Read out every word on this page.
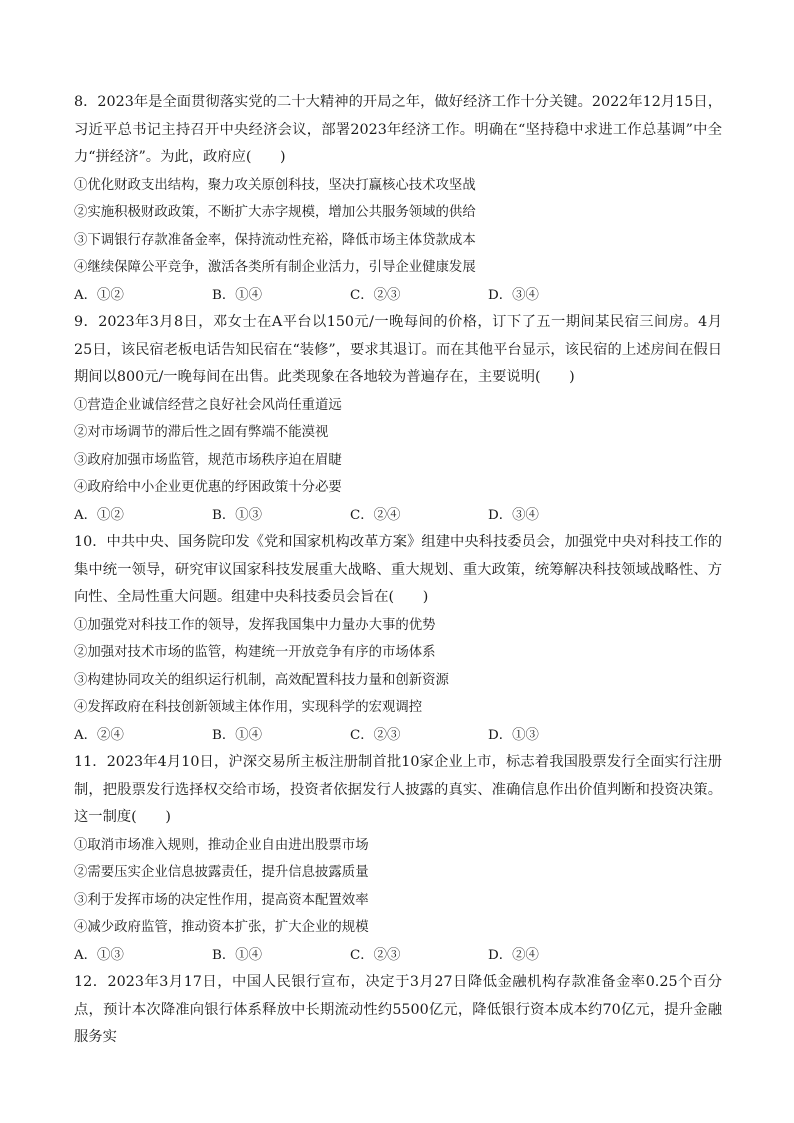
8．2023年是全面贯彻落实党的二十大精神的开局之年，做好经济工作十分关键。2022年12月15日，习近平总书记主持召开中央经济会议，部署2023年经济工作。明确在“坚持稳中求进工作总基调”中全力“拼经济”。为此，政府应(　　)

①优化财政支出结构，聚力攻关原创科技，坚决打赢核心技术攻坚战

②实施积极财政政策，不断扩大赤字规模，增加公共服务领域的供给

③下调银行存款准备金率，保持流动性充裕，降低市场主体贷款成本

④继续保障公平竞争，激活各类所有制企业活力，引导企业健康发展

A．①②	B．①④	C．②③	D．③④

9．2023年3月8日，邓女士在A平台以150元/一晚每间的价格，订下了五一期间某民宿三间房。4月25日，该民宿老板电话告知民宿在“装修”，要求其退订。而在其他平台显示，该民宿的上述房间在假日期间以800元/一晚每间在出售。此类现象在各地较为普遍存在，主要说明(　　)

①营造企业诚信经营之良好社会风尚任重道远

②对市场调节的滞后性之固有弊端不能漠视

③政府加强市场监管，规范市场秩序迫在眉睫

④政府给中小企业更优惠的纾困政策十分必要

A．①②	B．①③	C．②④	D．③④

10．中共中央、国务院印发《党和国家机构改革方案》组建中央科技委员会，加强党中央对科技工作的集中统一领导，研究审议国家科技发展重大战略、重大规划、重大政策，统筹解决科技领域战略性、方向性、全局性重大问题。组建中央科技委员会旨在(　　)

①加强党对科技工作的领导，发挥我国集中力量办大事的优势

②加强对技术市场的监管，构建统一开放竞争有序的市场体系

③构建协同攻关的组织运行机制，高效配置科技力量和创新资源

④发挥政府在科技创新领域主体作用，实现科学的宏观调控

A．②④	B．①④	C．②③	D．①③

11．2023年4月10日，沪深交易所主板注册制首批10家企业上市，标志着我国股票发行全面实行注册制，把股票发行选择权交给市场，投资者依据发行人披露的真实、准确信息作出价值判断和投资决策。这一制度(　　)

①取消市场准入规则，推动企业自由进出股票市场

②需要压实企业信息披露责任，提升信息披露质量

③利于发挥市场的决定性作用，提高资本配置效率

④减少政府监管，推动资本扩张，扩大企业的规模

A．①③	B．①④	C．②③	D．②④

12．2023年3月17日，中国人民银行宣布，决定于3月27日降低金融机构存款准备金率0.25个百分点，预计本次降准向银行体系释放中长期流动性约5500亿元，降低银行资本成本约70亿元，提升金融服务实
